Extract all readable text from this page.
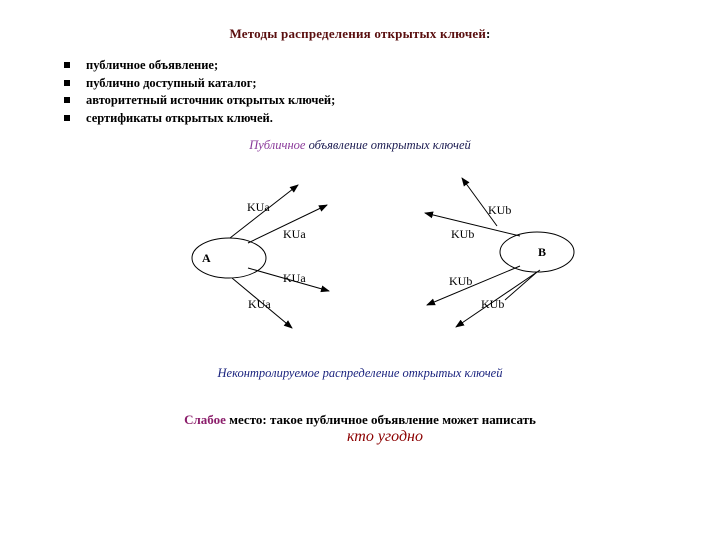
Методы распределения открытых ключей:
публичное объявление;
публично доступный каталог;
авторитетный источник открытых ключей;
сертификаты открытых ключей.
Публичное объявление открытых ключей
A	B
KUa
KUa
KUa
KUa
KUb
KUb
KUb
KUb
Неконтролируемое распределение открытых ключей
Слабое место: такое публичное объявление может написать
кто угодно
